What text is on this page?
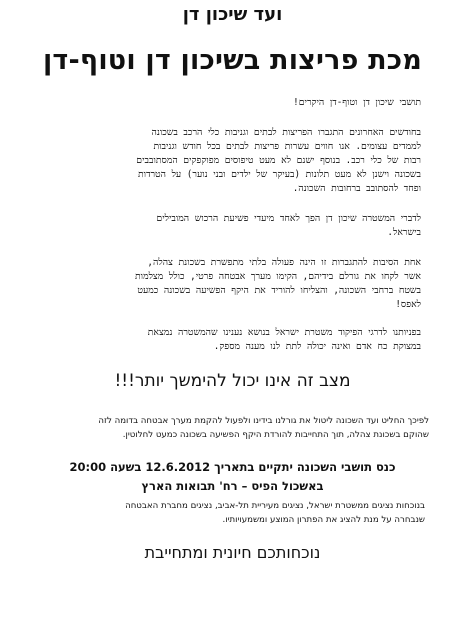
ועד שיכון דן
מכת פריצות בשיכון דן וטוף-דן
תושבי שיכון דן וטוף-דן היקרים!
בחודשים האחרונים התגברו הפריצות לבתים וגניבות כלי הרכב בשכונה
לממדים עצומים. אנו חווים עשרות פריצות לבתים בכל חודש וגניבות
רבות של כלי רכב. בנוסף ישנם לא מעט טיפוסים מפוקפקים המסתובבים
בשכונה וישנן לא מעט תלונות (בעיקר של ילדים ובני נוער) על הטרדות
ופחד להסתובב ברחובות השכונה.
לדברי המשטרה שיכון דן הפך לאחד מיעדי פשיעת הרכוש המובילים
בישראל.
אחת הסיבות להתגברות זו הינה פעולה בלתי מתפשרת בשכונת צהלה,
אשר לקחו את גורלם בידיהם, הקימו מערך אבטחה פרטי, כולל מצלמות
בשטח ברחבי השכונה, והצליחו להוריד את היקף הפשיעה בשכונה כמעט
לאפס!
בפניותנו לדרגי הפיקוד משטרת ישראל בנושא נענינו שהמשטרה נמצאת
במצוקת כח אדם ואינה יכולה לתת לנו מענה מספק.
מצב זה אינו יכול להימשך יותר!!!
לפיכך החליט ועד השכונה ליטול את גורלנו בידינו ולפעול להקמת מערך אבטחה בדומה לזה
שהוקם בשכונת צהלה, תוך התחייבות להורדת היקף הפשיעה בשכונה כמעט לחלוטין.
כנס תושבי השכונה יתקיים בתאריך 12.6.2012 בשעה 20:00
באשכול הפיס – רח' תבואות הארץ
בנוכחות נציגים ממשטרת ישראל, נציגים מעיריית תל-אביב, נציגים מחברת האבטחה
שנבחרה על מנת להציג את הפתרון המוצע ומשמעויותיו.
נוכחותכם חיונית ומתחייבת
